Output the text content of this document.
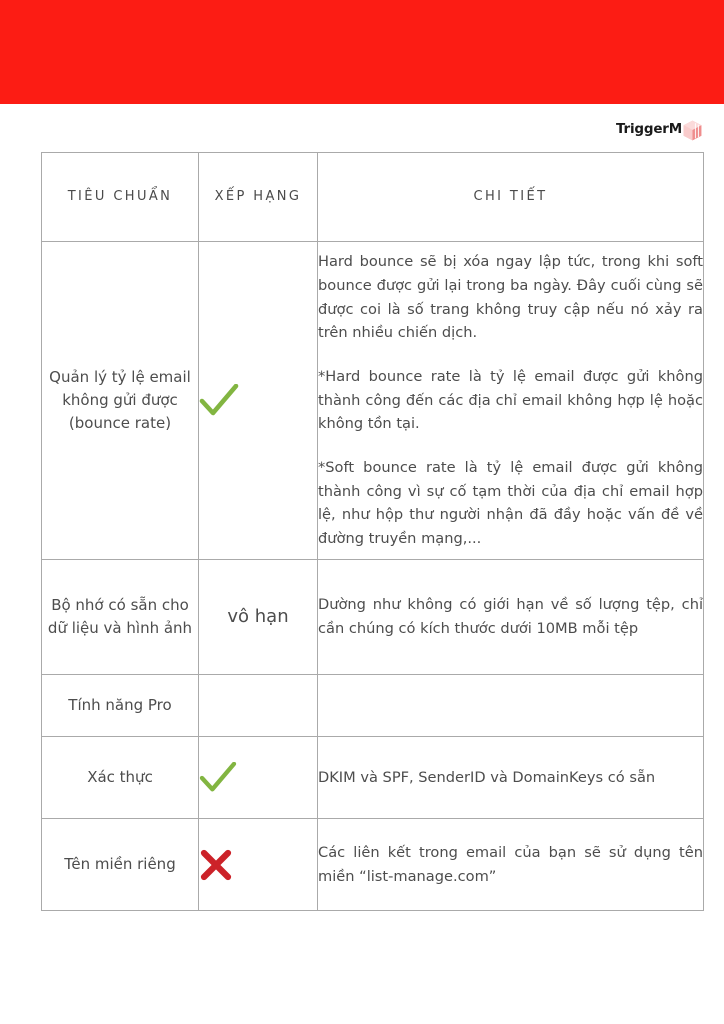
TriggerM
TIÊU CHUẨN	XẾP HẠNG	CHI TIẾT

Quản lý tỷ lệ email không gửi được (bounce rate)		Hard bounce sẽ bị xóa ngay lập tức, trong khi soft bounce được gửi lại trong ba ngày. Đây cuối cùng sẽ được coi là số trang không truy cập nếu nó xảy ra trên nhiều chiến dịch.

*Hard bounce rate là tỷ lệ email được gửi không thành công đến các địa chỉ email không hợp lệ hoặc không tồn tại.

*Soft bounce rate là tỷ lệ email được gửi không thành công vì sự cố tạm thời của địa chỉ email hợp lệ, như hộp thư người nhận đã đầy hoặc vấn đề về đường truyền mạng,...

Bộ nhớ có sẵn cho dữ liệu và hình ảnh	vô hạn	Dường như không có giới hạn về số lượng tệp, chỉ cần chúng có kích thước dưới 10MB mỗi tệp

Tính năng Pro		

Xác thực		DKIM và SPF, SenderID và DomainKeys có sẵn

Tên miền riêng		Các liên kết trong email của bạn sẽ sử dụng tên miền “list-manage.com”
